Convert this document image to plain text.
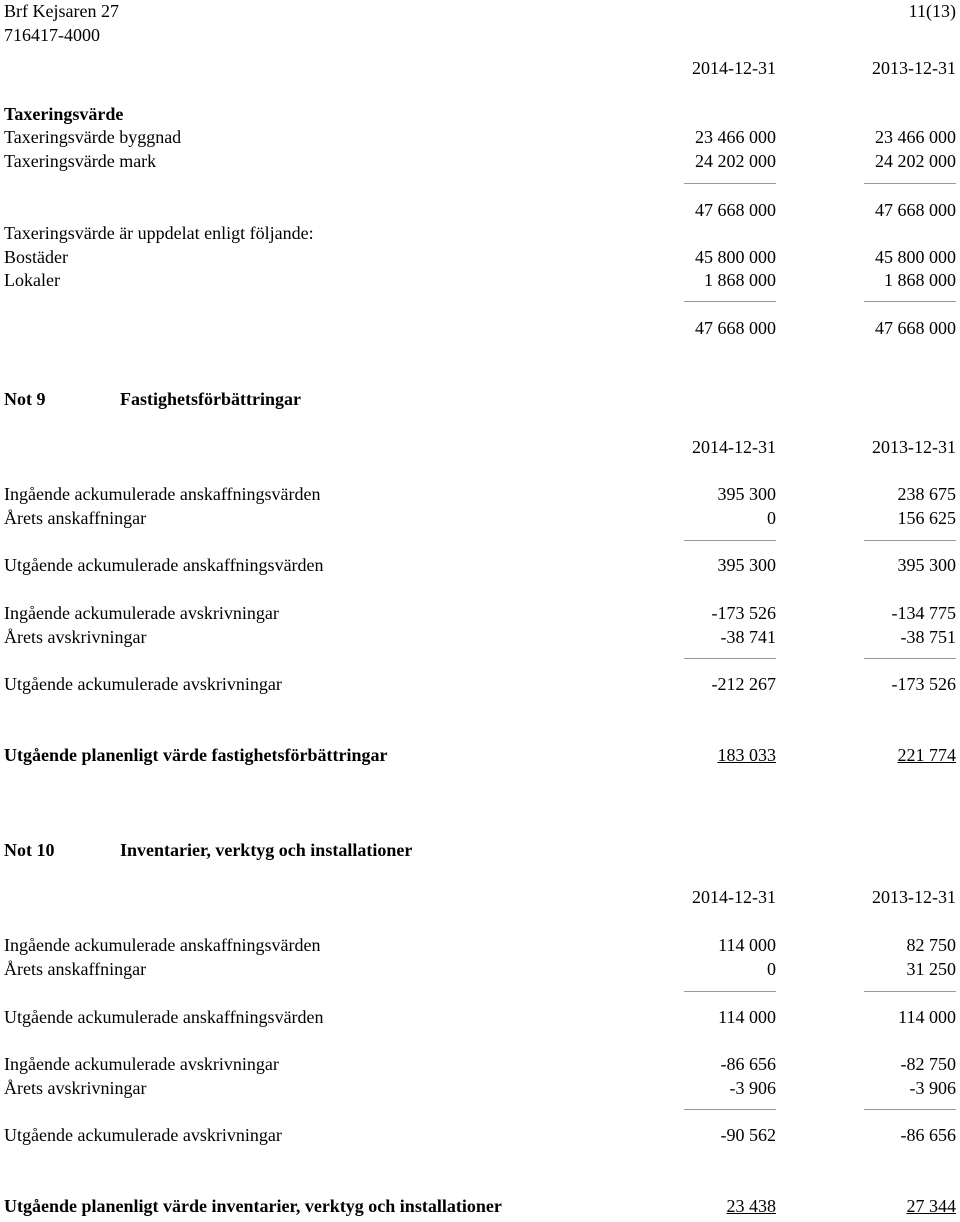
Brf Kejsaren 27	11(13)
716417-4000
2014-12-31	2013-12-31
Taxeringsvärde
Taxeringsvärde byggnad	23 466 000	23 466 000
Taxeringsvärde mark	24 202 000	24 202 000
47 668 000	47 668 000
Taxeringsvärde är uppdelat enligt följande:
Bostäder	45 800 000	45 800 000
Lokaler	1 868 000	1 868 000
47 668 000	47 668 000
Not 9	Fastighetsförbättringar
2014-12-31	2013-12-31
Ingående ackumulerade anskaffningsvärden	395 300	238 675
Årets anskaffningar	0	156 625
Utgående ackumulerade anskaffningsvärden	395 300	395 300
Ingående ackumulerade avskrivningar	-173 526	-134 775
Årets avskrivningar	-38 741	-38 751
Utgående ackumulerade avskrivningar	-212 267	-173 526
Utgående planenligt värde fastighetsförbättringar	183 033	221 774
Not 10	Inventarier, verktyg och installationer
2014-12-31	2013-12-31
Ingående ackumulerade anskaffningsvärden	114 000	82 750
Årets anskaffningar	0	31 250
Utgående ackumulerade anskaffningsvärden	114 000	114 000
Ingående ackumulerade avskrivningar	-86 656	-82 750
Årets avskrivningar	-3 906	-3 906
Utgående ackumulerade avskrivningar	-90 562	-86 656
Utgående planenligt värde inventarier, verktyg och installationer	23 438	27 344
